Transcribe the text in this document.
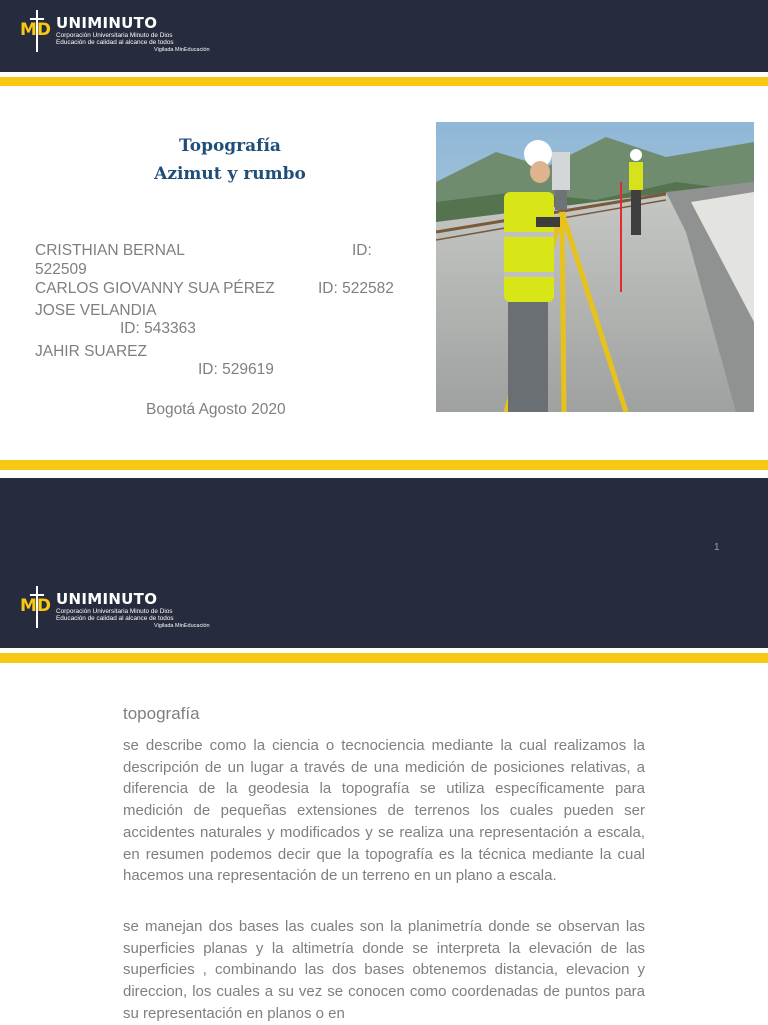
MD UNIMINUTO
Corporación Universitaria Minuto de Dios
Educación de calidad al alcance de todos
Vigilada MinEducación
Topografía
Azimut y rumbo

CRISTHIAN BERNAL	ID:

522509

CARLOS GIOVANNY SUA PÉREZ	ID: 522582

JOSE VELANDIA

ID: 543363

JAHIR SUAREZ

ID: 529619

Bogotá Agosto 2020

1
MD UNIMINUTO
Corporación Universitaria Minuto de Dios
Educación de calidad al alcance de todos
Vigilada MinEducación
topografía

se describe como la ciencia o tecnociencia mediante la cual realizamos la descripción de un lugar a través de una medición de posiciones relativas, a diferencia de la geodesia la topografía se utiliza específicamente para medición de pequeñas extensiones de terrenos los cuales pueden ser accidentes naturales y modificados y se realiza una representación a escala, en resumen podemos decir que la topografía es la técnica mediante la cual hacemos una representación de un terreno en un plano a escala.

se manejan dos bases las cuales son la planimetría donde se observan las superficies planas y la altimetría donde se interpreta la elevación de las superficies , combinando las dos bases obtenemos distancia, elevacion y direccion, los cuales a su vez se conocen como coordenadas de puntos para su representación en planos o en
